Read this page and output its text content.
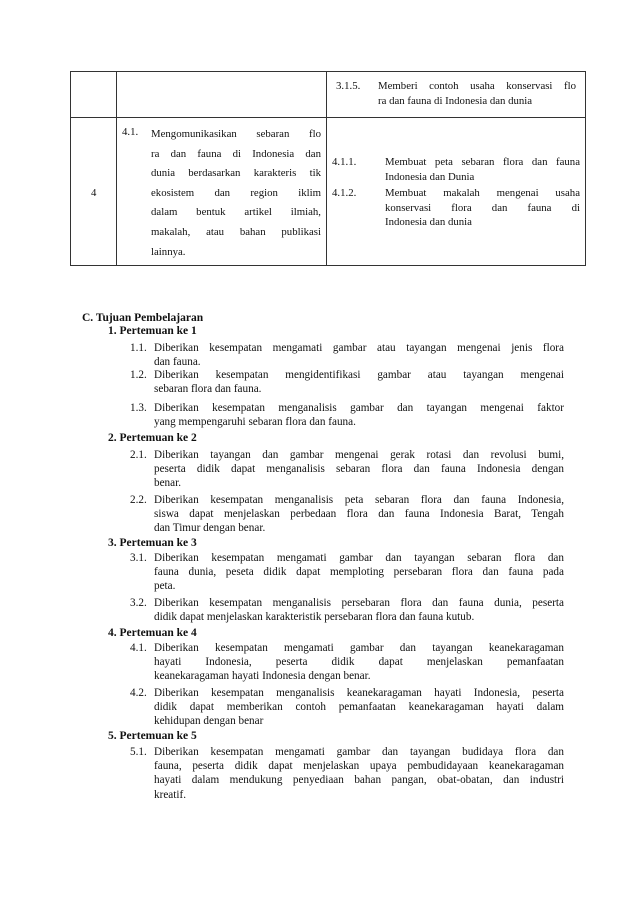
3.1.5. Memberi contoh usaha konservasi flo
ra dan fauna di Indonesia dan dunia
4
4.1. Mengomunikasikan sebaran flo
ra dan fauna di Indonesia dan
dunia berdasarkan karakteris tik
ekosistem dan region iklim
dalam bentuk artikel ilmiah,
makalah, atau bahan publikasi
lainnya.
4.1.1.	Membuat peta sebaran flora dan fauna
Indonesia dan Dunia
4.1.2.	Membuat makalah mengenai usaha
konservasi flora dan fauna di
Indonesia dan dunia
C. Tujuan Pembelajaran
1. Pertemuan ke 1
1.1. Diberikan kesempatan mengamati gambar atau tayangan mengenai jenis flora
dan fauna.
1.2. Diberikan kesempatan mengidentifikasi gambar atau tayangan mengenai
sebaran flora dan fauna.
1.3. Diberikan kesempatan menganalisis gambar dan tayangan mengenai faktor
yang mempengaruhi sebaran flora dan fauna.
2. Pertemuan ke 2
2.1. Diberikan tayangan dan gambar mengenai gerak rotasi dan revolusi bumi,
peserta didik dapat menganalisis sebaran flora dan fauna Indonesia dengan
benar.
2.2. Diberikan kesempatan menganalisis peta sebaran flora dan fauna Indonesia,
siswa dapat menjelaskan perbedaan flora dan fauna Indonesia Barat, Tengah
dan Timur dengan benar.
3. Pertemuan ke 3
3.1. Diberikan kesempatan mengamati gambar dan tayangan sebaran flora dan
fauna dunia, peseta didik dapat memploting persebaran flora dan fauna pada
peta.
3.2. Diberikan kesempatan menganalisis persebaran flora dan fauna dunia, peserta
didik dapat menjelaskan karakteristik persebaran flora dan fauna kutub.
4. Pertemuan ke 4
4.1. Diberikan kesempatan mengamati gambar dan tayangan keanekaragaman
hayati Indonesia, peserta didik dapat menjelaskan pemanfaatan
keanekaragaman hayati Indonesia dengan benar.
4.2. Diberikan kesempatan menganalisis keanekaragaman hayati Indonesia, peserta
didik dapat memberikan contoh pemanfaatan keanekaragaman hayati dalam
kehidupan dengan benar
5. Pertemuan ke 5
5.1. Diberikan kesempatan mengamati gambar dan tayangan budidaya flora dan
fauna, peserta didik dapat menjelaskan upaya pembudidayaan keanekaragaman
hayati dalam mendukung penyediaan bahan pangan, obat-obatan, dan industri
kreatif.
